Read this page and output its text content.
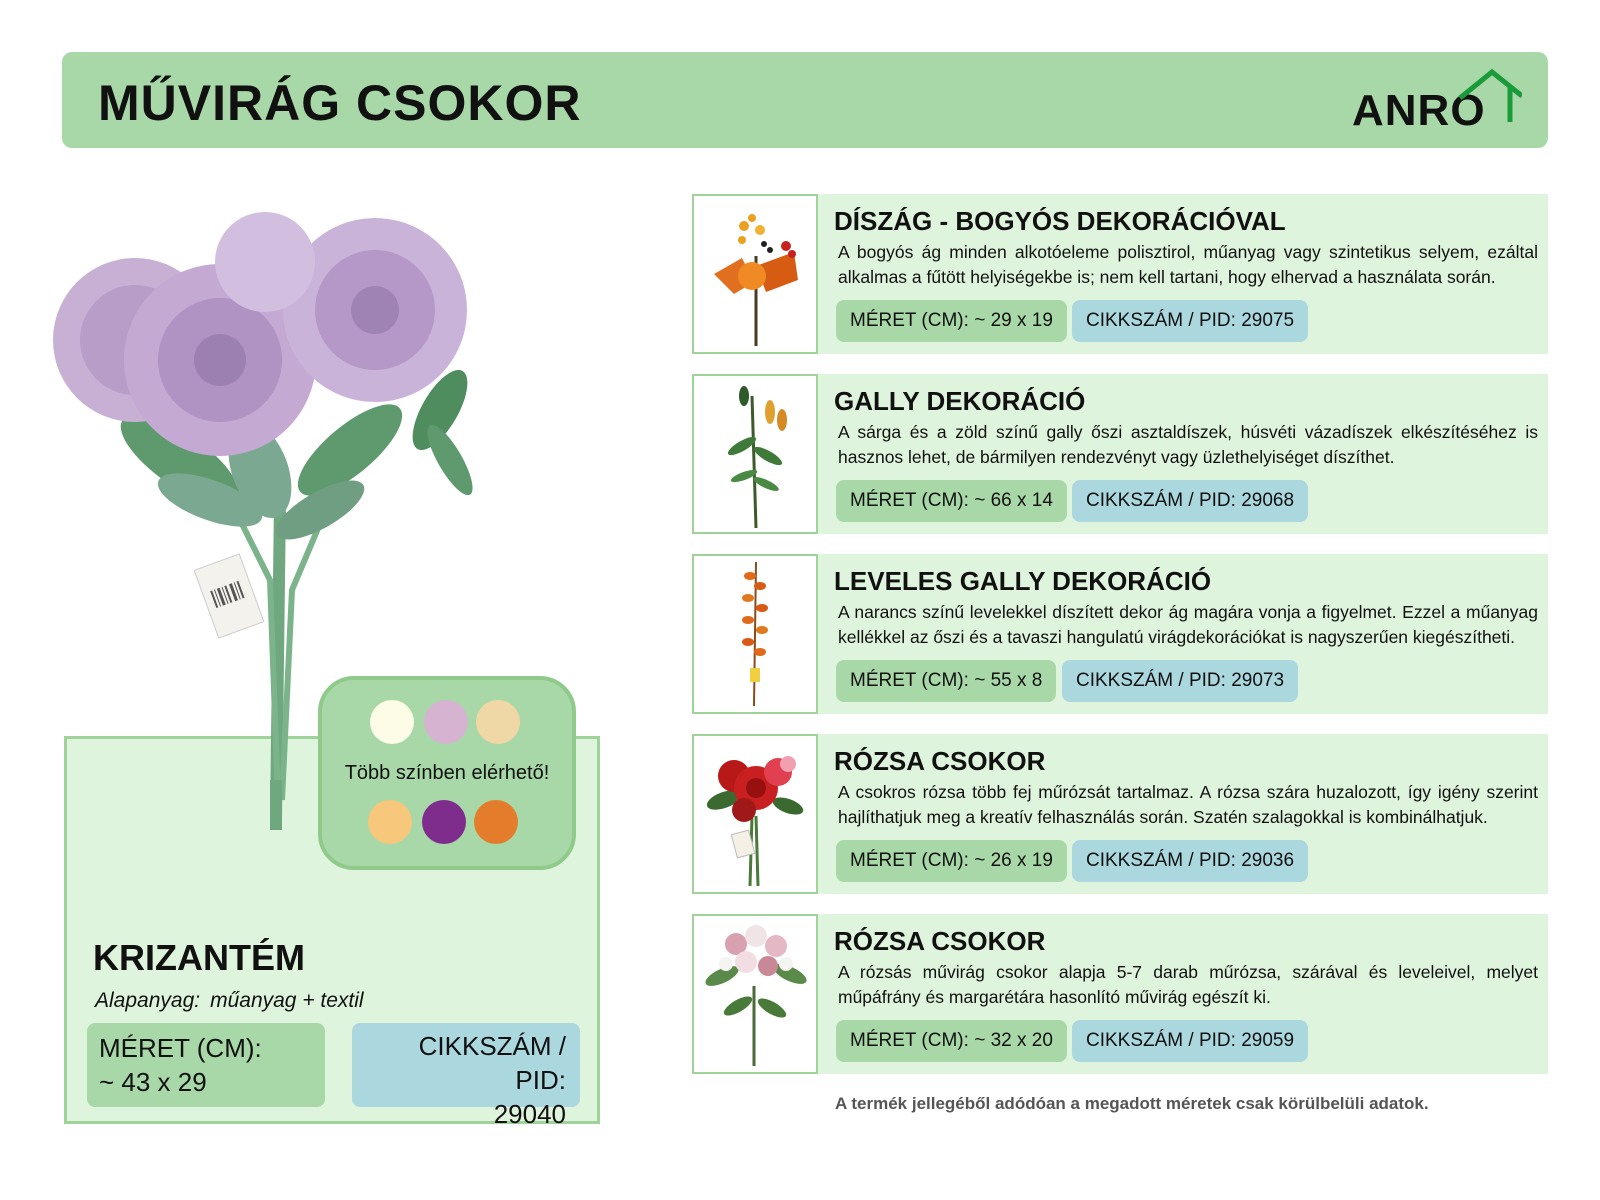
MŰVIRÁG CSOKOR	ANRO
KRIZANTÉM
Alapanyag: műanyag + textil
MÉRET (CM):
~ 43 x 29
CIKKSZÁM / PID:
29040
Több színben elérhető!
DÍSZÁG - BOGYÓS DEKORÁCIÓVAL
A bogyós ág minden alkotóeleme polisztirol, műanyag vagy szintetikus selyem, ezáltal alkalmas a fűtött helyiségekbe is; nem kell tartani, hogy elhervad a használata során.
MÉRET (CM): ~ 29 x 19	CIKKSZÁM / PID: 29075
GALLY DEKORÁCIÓ
A sárga és a zöld színű gally őszi asztaldíszek, húsvéti vázadíszek elkészítéséhez is hasznos lehet, de bármilyen rendezvényt vagy üzlethelyiséget díszíthet.
MÉRET (CM): ~ 66 x 14	CIKKSZÁM / PID: 29068
LEVELES GALLY DEKORÁCIÓ
A narancs színű levelekkel díszített dekor ág magára vonja a figyelmet. Ezzel a műanyag kellékkel az őszi és a tavaszi hangulatú virágdekorációkat is nagyszerűen kiegészítheti.
MÉRET (CM): ~ 55 x 8	CIKKSZÁM / PID: 29073
RÓZSA CSOKOR
A csokros rózsa több fej műrózsát tartalmaz. A rózsa szára huzalozott, így igény szerint hajlíthatjuk meg a kreatív felhasználás során. Szatén szalagokkal is kombinálhatjuk.
MÉRET (CM): ~ 26 x 19	CIKKSZÁM / PID: 29036
RÓZSA CSOKOR
A rózsás művirág csokor alapja 5-7 darab műrózsa, szárával és leveleivel, melyet műpáfrány és margarétára hasonlító művirág egészít ki.
MÉRET (CM): ~ 32 x 20	CIKKSZÁM / PID: 29059
A termék jellegéből adódóan a megadott méretek csak körülbelüli adatok.
